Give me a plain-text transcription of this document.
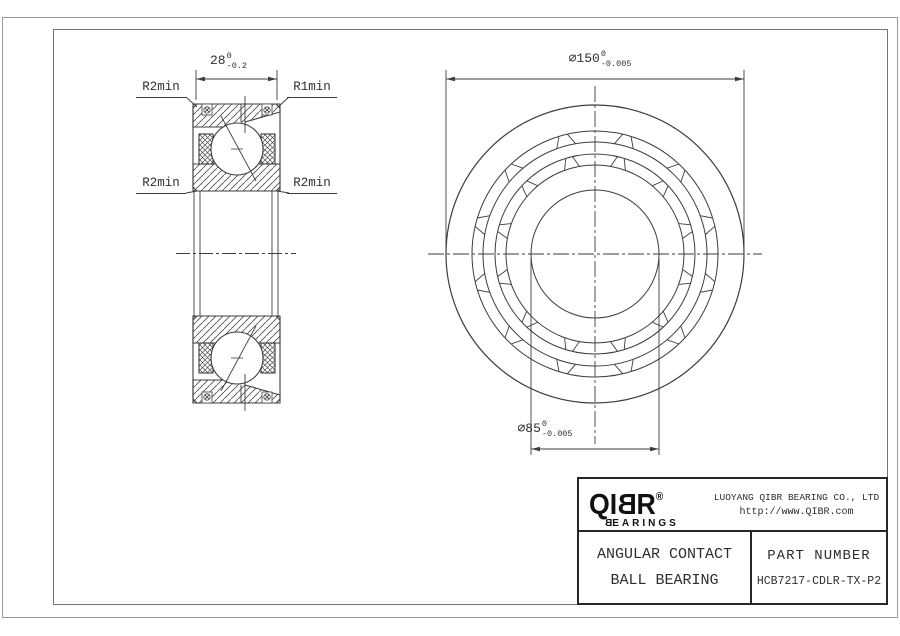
28 0
-0.2
R2min	R1min
R2min	R2min
⌀150 0
-0.005
⌀85 0
-0.005
QIBR®
BEARINGS
LUOYANG QIBR BEARING CO., LTD
http://www.QIBR.com
ANGULAR CONTACT
BALL BEARING
PART NUMBER
HCB7217-CDLR-TX-P2
